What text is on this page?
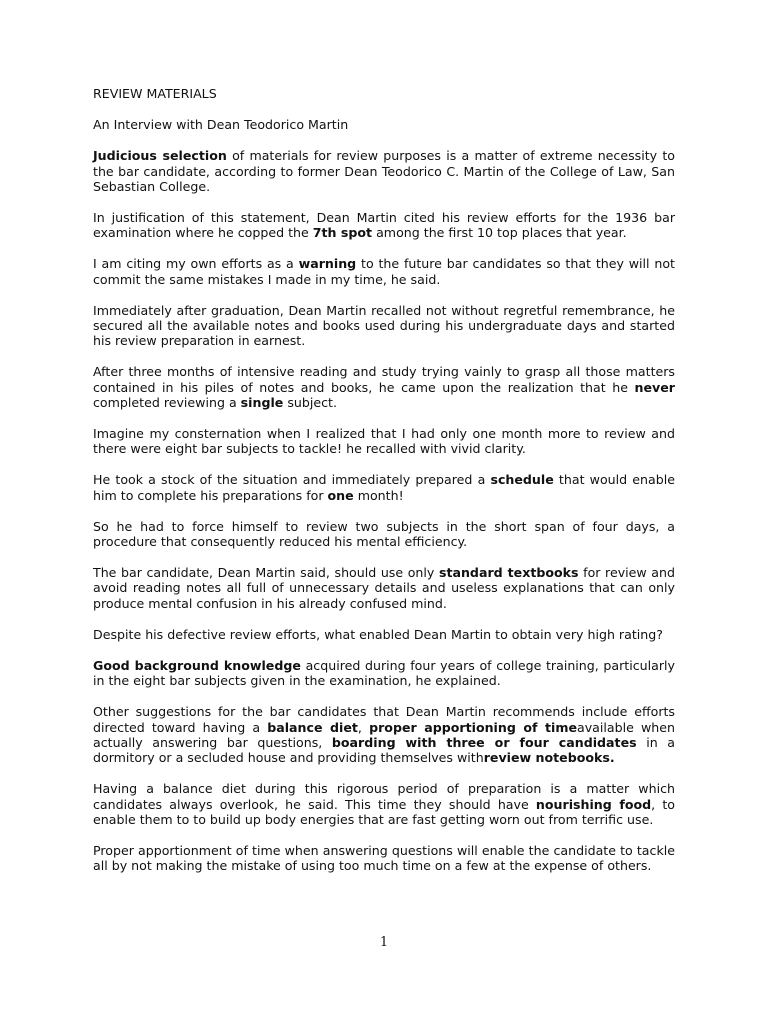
REVIEW MATERIALS

An Interview with Dean Teodorico Martin

Judicious selection of materials for review purposes is a matter of extreme necessity to the bar candidate, according to former Dean Teodorico C. Martin of the College of Law, San Sebastian College.

In justification of this statement, Dean Martin cited his review efforts for the 1936 bar examination where he copped the 7th spot among the first 10 top places that year.

I am citing my own efforts as a warning to the future bar candidates so that they will not commit the same mistakes I made in my time, he said.

Immediately after graduation, Dean Martin recalled not without regretful remembrance, he secured all the available notes and books used during his undergraduate days and started his review preparation in earnest.

After three months of intensive reading and study trying vainly to grasp all those matters contained in his piles of notes and books, he came upon the realization that he never completed reviewing a single subject.

Imagine my consternation when I realized that I had only one month more to review and there were eight bar subjects to tackle! he recalled with vivid clarity.

He took a stock of the situation and immediately prepared a schedule that would enable him to complete his preparations for one month!

So he had to force himself to review two subjects in the short span of four days, a procedure that consequently reduced his mental efficiency.

The bar candidate, Dean Martin said, should use only standard textbooks for review and avoid reading notes all full of unnecessary details and useless explanations that can only produce mental confusion in his already confused mind.

Despite his defective review efforts, what enabled Dean Martin to obtain very high rating?

Good background knowledge acquired during four years of college training, particularly in the eight bar subjects given in the examination, he explained.

Other suggestions for the bar candidates that Dean Martin recommends include efforts directed toward having a balance diet, proper apportioning of timeavailable when actually answering bar questions, boarding with three or four candidates in a dormitory or a secluded house and providing themselves withreview notebooks.

Having a balance diet during this rigorous period of preparation is a matter which candidates always overlook, he said. This time they should have nourishing food, to enable them to to build up body energies that are fast getting worn out from terrific use.

Proper apportionment of time when answering questions will enable the candidate to tackle all by not making the mistake of using too much time on a few at the expense of others.

1
